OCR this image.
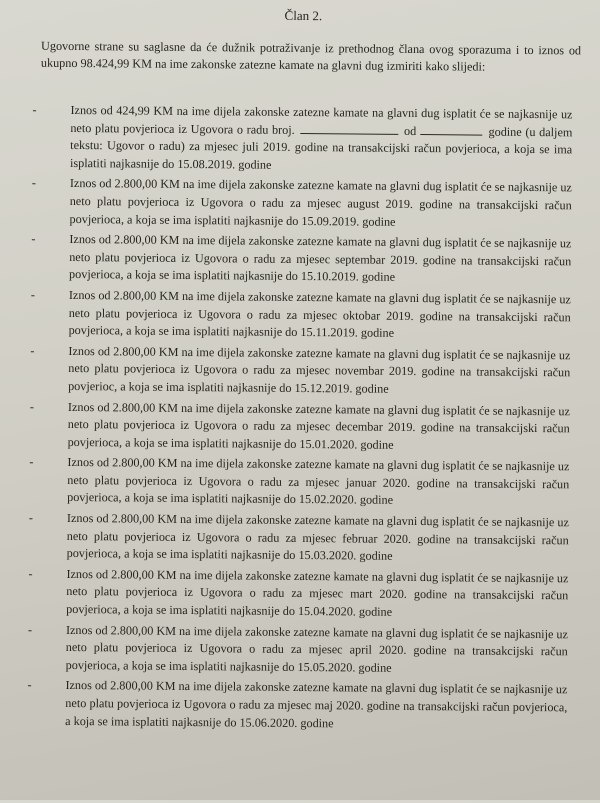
Član 2.
Ugovorne strane su saglasne da će dužnik potraživanje iz prethodnog člana ovog sporazuma i to iznos od ukupno 98.424,99 KM na ime zakonske zatezne kamate na glavni dug izmiriti kako slijedi:
-	Iznos od 424,99 KM na ime dijela zakonske zatezne kamate na glavni dug isplatit će se najkasnije uz neto platu povjerioca iz Ugovora o radu broj.	od	godine (u daljem tekstu: Ugovor o radu) za mjesec juli 2019. godine na transakcijski račun povjerioca, a koja se ima isplatiti najkasnije do 15.08.2019. godine
-	Iznos od 2.800,00 KM na ime dijela zakonske zatezne kamate na glavni dug isplatit će se najkasnije uz neto platu povjerioca iz Ugovora o radu za mjesec august 2019. godine na transakcijski račun povjerioca, a koja se ima isplatiti najkasnije do 15.09.2019. godine
-	Iznos od 2.800,00 KM na ime dijela zakonske zatezne kamate na glavni dug isplatit će se najkasnije uz neto platu povjerioca iz Ugovora o radu za mjesec septembar 2019. godine na transakcijski račun povjerioca, a koja se ima isplatiti najkasnije do 15.10.2019. godine
-	Iznos od 2.800,00 KM na ime dijela zakonske zatezne kamate na glavni dug isplatit će se najkasnije uz neto platu povjerioca iz Ugovora o radu za mjesec oktobar 2019. godine na transakcijski račun povjerioca, a koja se ima isplatiti najkasnije do 15.11.2019. godine
-	Iznos od 2.800,00 KM na ime dijela zakonske zatezne kamate na glavni dug isplatit će se najkasnije uz neto platu povjerioca iz Ugovora o radu za mjesec novembar 2019. godine na transakcijski račun povjerioc, a koja se ima isplatiti najkasnije do 15.12.2019. godine
-	Iznos od 2.800,00 KM na ime dijela zakonske zatezne kamate na glavni dug isplatit će se najkasnije uz neto platu povjerioca iz Ugovora o radu za mjesec decembar 2019. godine na transakcijski račun povjerioca, a koja se ima isplatiti najkasnije do 15.01.2020. godine
-	Iznos od 2.800,00 KM na ime dijela zakonske zatezne kamate na glavni dug isplatit će se najkasnije uz neto platu povjerioca iz Ugovora o radu za mjesec januar 2020. godine na transakcijski račun povjerioca, a koja se ima isplatiti najkasnije do 15.02.2020. godine
-	Iznos od 2.800,00 KM na ime dijela zakonske zatezne kamate na glavni dug isplatit će se najkasnije uz neto platu povjerioca iz Ugovora o radu za mjesec februar 2020. godine na transakcijski račun povjerioca, a koja se ima isplatiti najkasnije do 15.03.2020. godine
-	Iznos od 2.800,00 KM na ime dijela zakonske zatezne kamate na glavni dug isplatit će se najkasnije uz neto platu povjerioca iz Ugovora o radu za mjesec mart 2020. godine na transakcijski račun povjerioca, a koja se ima isplatiti najkasnije do 15.04.2020. godine
-	Iznos od 2.800,00 KM na ime dijela zakonske zatezne kamate na glavni dug isplatit će se najkasnije uz neto platu povjerioca iz Ugovora o radu za mjesec april 2020. godine na transakcijski račun povjerioca, a koja se ima isplatiti najkasnije do 15.05.2020. godine
-	Iznos od 2.800,00 KM na ime dijela zakonske zatezne kamate na glavni dug isplatit će se najkasnije uz neto platu povjerioca iz Ugovora o radu za mjesec maj 2020. godine na transakcijski račun povjerioca, a koja se ima isplatiti najkasnije do 15.06.2020. godine
